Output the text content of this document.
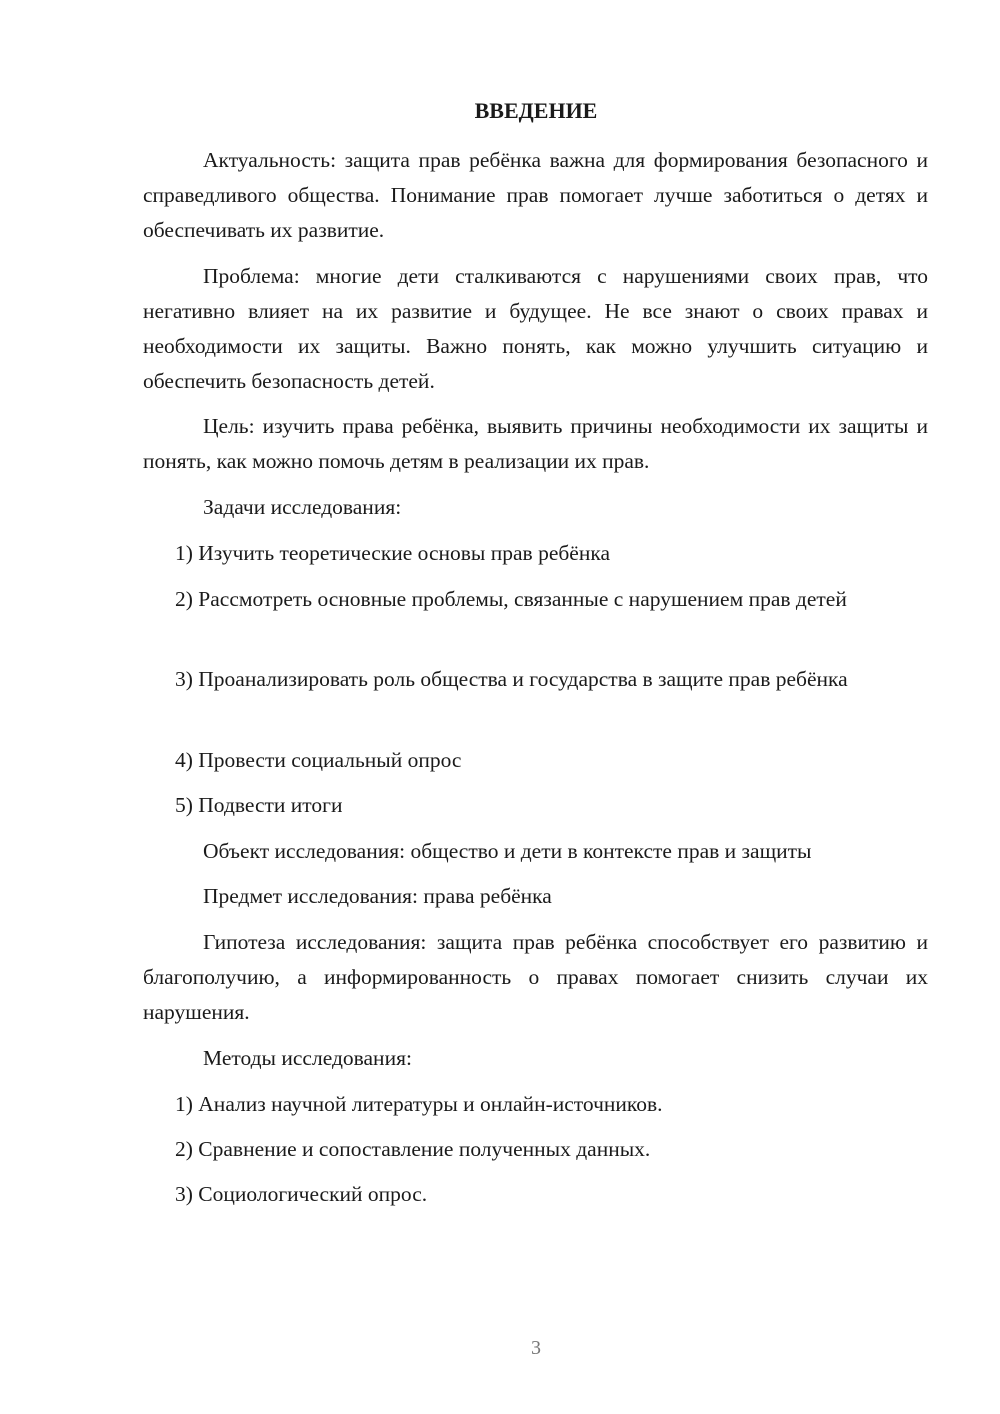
ВВЕДЕНИЕ

Актуальность: защита прав ребёнка важна для формирования безопасного и справедливого общества. Понимание прав помогает лучше заботиться о детях и обеспечивать их развитие.

Проблема: многие дети сталкиваются с нарушениями своих прав, что негативно влияет на их развитие и будущее. Не все знают о своих правах и необходимости их защиты. Важно понять, как можно улучшить ситуацию и обеспечить безопасность детей.

Цель: изучить права ребёнка, выявить причины необходимости их защиты и понять, как можно помочь детям в реализации их прав.

Задачи исследования:

1) Изучить теоретические основы прав ребёнка

2) Рассмотреть основные проблемы, связанные с нарушением прав детей

3) Проанализировать роль общества и государства в защите прав ребёнка

4) Провести социальный опрос

5) Подвести итоги

Объект исследования: общество и дети в контексте прав и защиты

Предмет исследования: права ребёнка

Гипотеза исследования: защита прав ребёнка способствует его развитию и благополучию, а информированность о правах помогает снизить случаи их нарушения.

Методы исследования:

1) Анализ научной литературы и онлайн-источников.

2) Сравнение и сопоставление полученных данных.

3) Социологический опрос.

3
